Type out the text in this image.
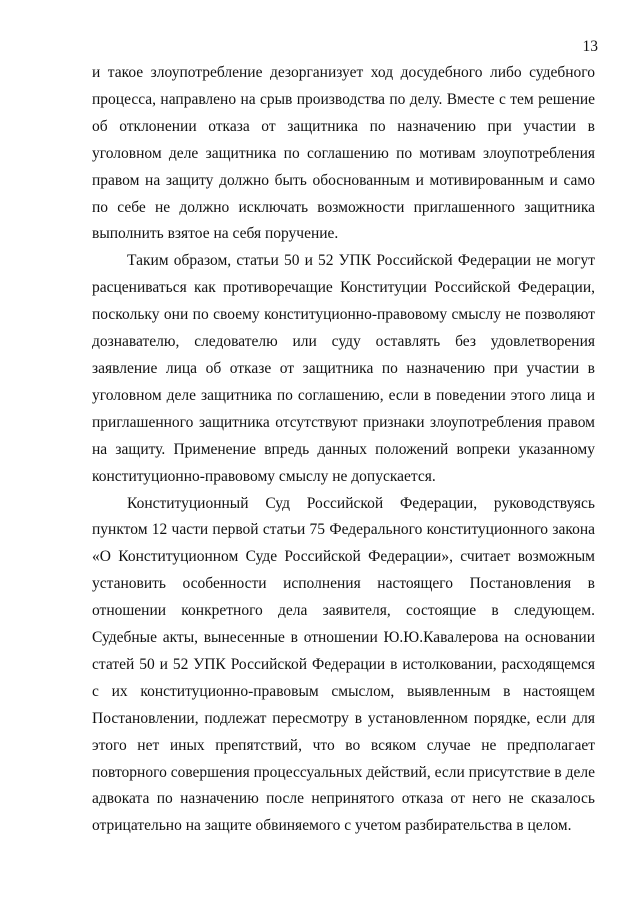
13

и такое злоупотребление дезорганизует ход досудебного либо судебного процесса, направлено на срыв производства по делу. Вместе с тем решение об отклонении отказа от защитника по назначению при участии в уголовном деле защитника по соглашению по мотивам злоупотребления правом на защиту должно быть обоснованным и мотивированным и само по себе не должно исключать возможности приглашенного защитника выполнить взятое на себя поручение.

Таким образом, статьи 50 и 52 УПК Российской Федерации не могут расцениваться как противоречащие Конституции Российской Федерации, поскольку они по своему конституционно-правовому смыслу не позволяют дознавателю, следователю или суду оставлять без удовлетворения заявление лица об отказе от защитника по назначению при участии в уголовном деле защитника по соглашению, если в поведении этого лица и приглашенного защитника отсутствуют признаки злоупотребления правом на защиту. Применение впредь данных положений вопреки указанному конституционно-правовому смыслу не допускается.

Конституционный Суд Российской Федерации, руководствуясь пунктом 12 части первой статьи 75 Федерального конституционного закона «О Конституционном Суде Российской Федерации», считает возможным установить особенности исполнения настоящего Постановления в отношении конкретного дела заявителя, состоящие в следующем. Судебные акты, вынесенные в отношении Ю.Ю.Кавалерова на основании статей 50 и 52 УПК Российской Федерации в истолковании, расходящемся с их конституционно-правовым смыслом, выявленным в настоящем Постановлении, подлежат пересмотру в установленном порядке, если для этого нет иных препятствий, что во всяком случае не предполагает повторного совершения процессуальных действий, если присутствие в деле адвоката по назначению после непринятого отказа от него не сказалось отрицательно на защите обвиняемого с учетом разбирательства в целом.
